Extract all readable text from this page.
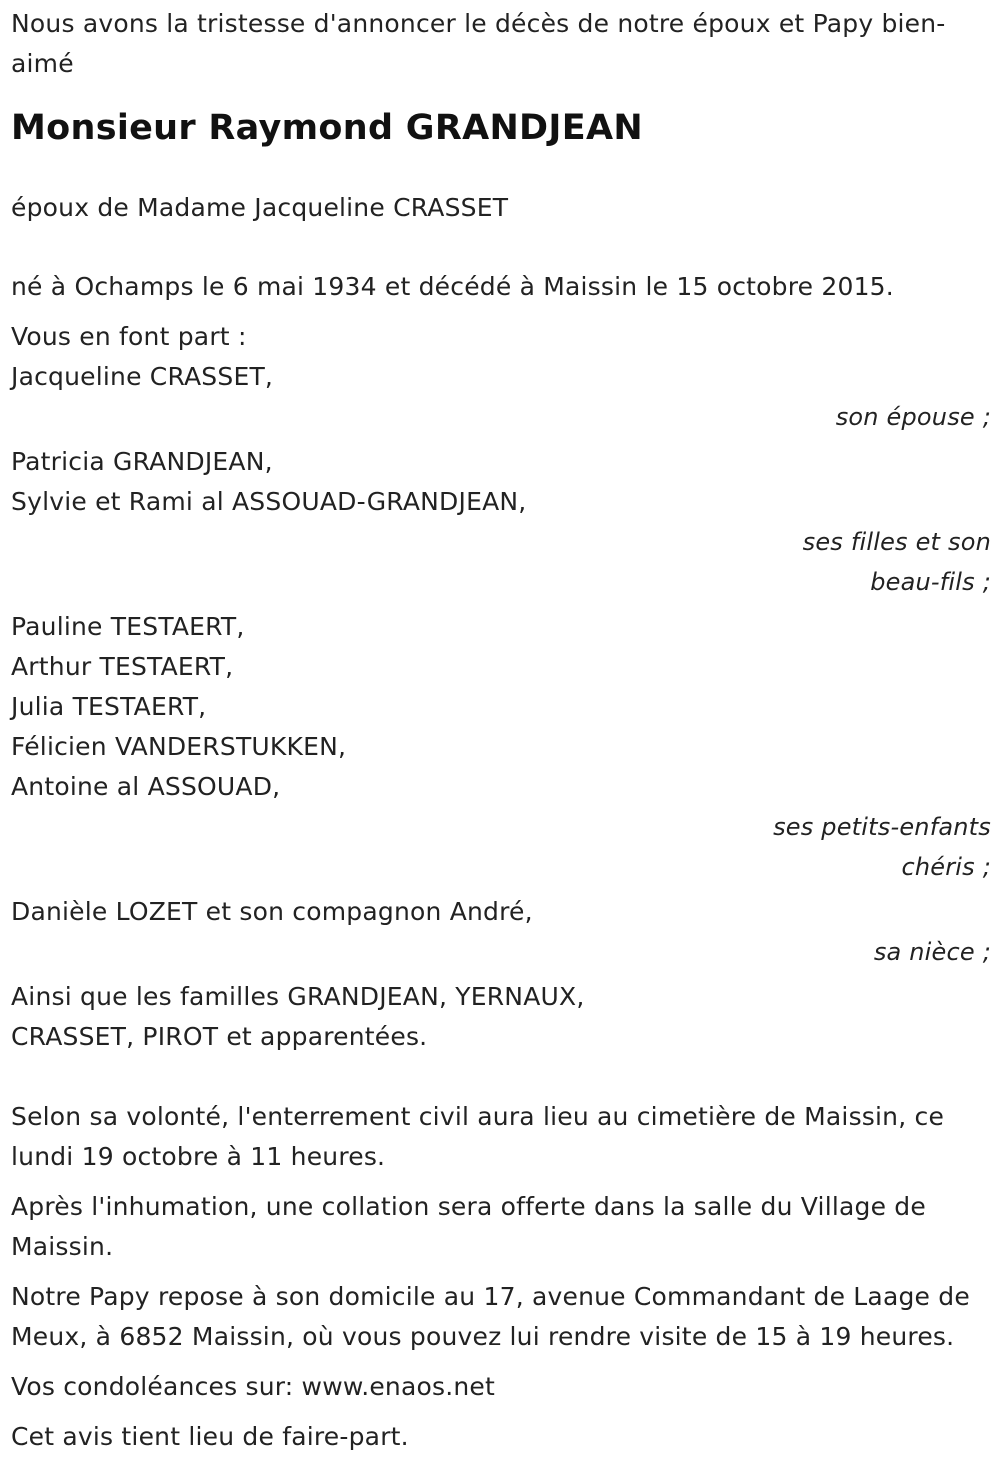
Nous avons la tristesse d'annoncer le décès de notre époux et Papy bien-aimé

Monsieur Raymond GRANDJEAN

époux de Madame Jacqueline CRASSET

né à Ochamps le 6 mai 1934 et décédé à Maissin le 15 octobre 2015.

Vous en font part :

Jacqueline CRASSET,

son épouse ;

Patricia GRANDJEAN,

Sylvie et Rami al ASSOUAD-GRANDJEAN,

ses filles et son

beau-fils ;

Pauline TESTAERT,

Arthur TESTAERT,

Julia TESTAERT,

Félicien VANDERSTUKKEN,

Antoine al ASSOUAD,

ses petits-enfants

chéris ;

Danièle LOZET et son compagnon André,

sa nièce ;

Ainsi que les familles GRANDJEAN, YERNAUX,

CRASSET, PIROT et apparentées.

Selon sa volonté, l'enterrement civil aura lieu au cimetière de Maissin, ce lundi 19 octobre à 11 heures.

Après l'inhumation, une collation sera offerte dans la salle du Village de Maissin.

Notre Papy repose à son domicile au 17, avenue Commandant de Laage de Meux, à 6852 Maissin, où vous pouvez lui rendre visite de 15 à 19 heures.

Vos condoléances sur: www.enaos.net

Cet avis tient lieu de faire-part.
